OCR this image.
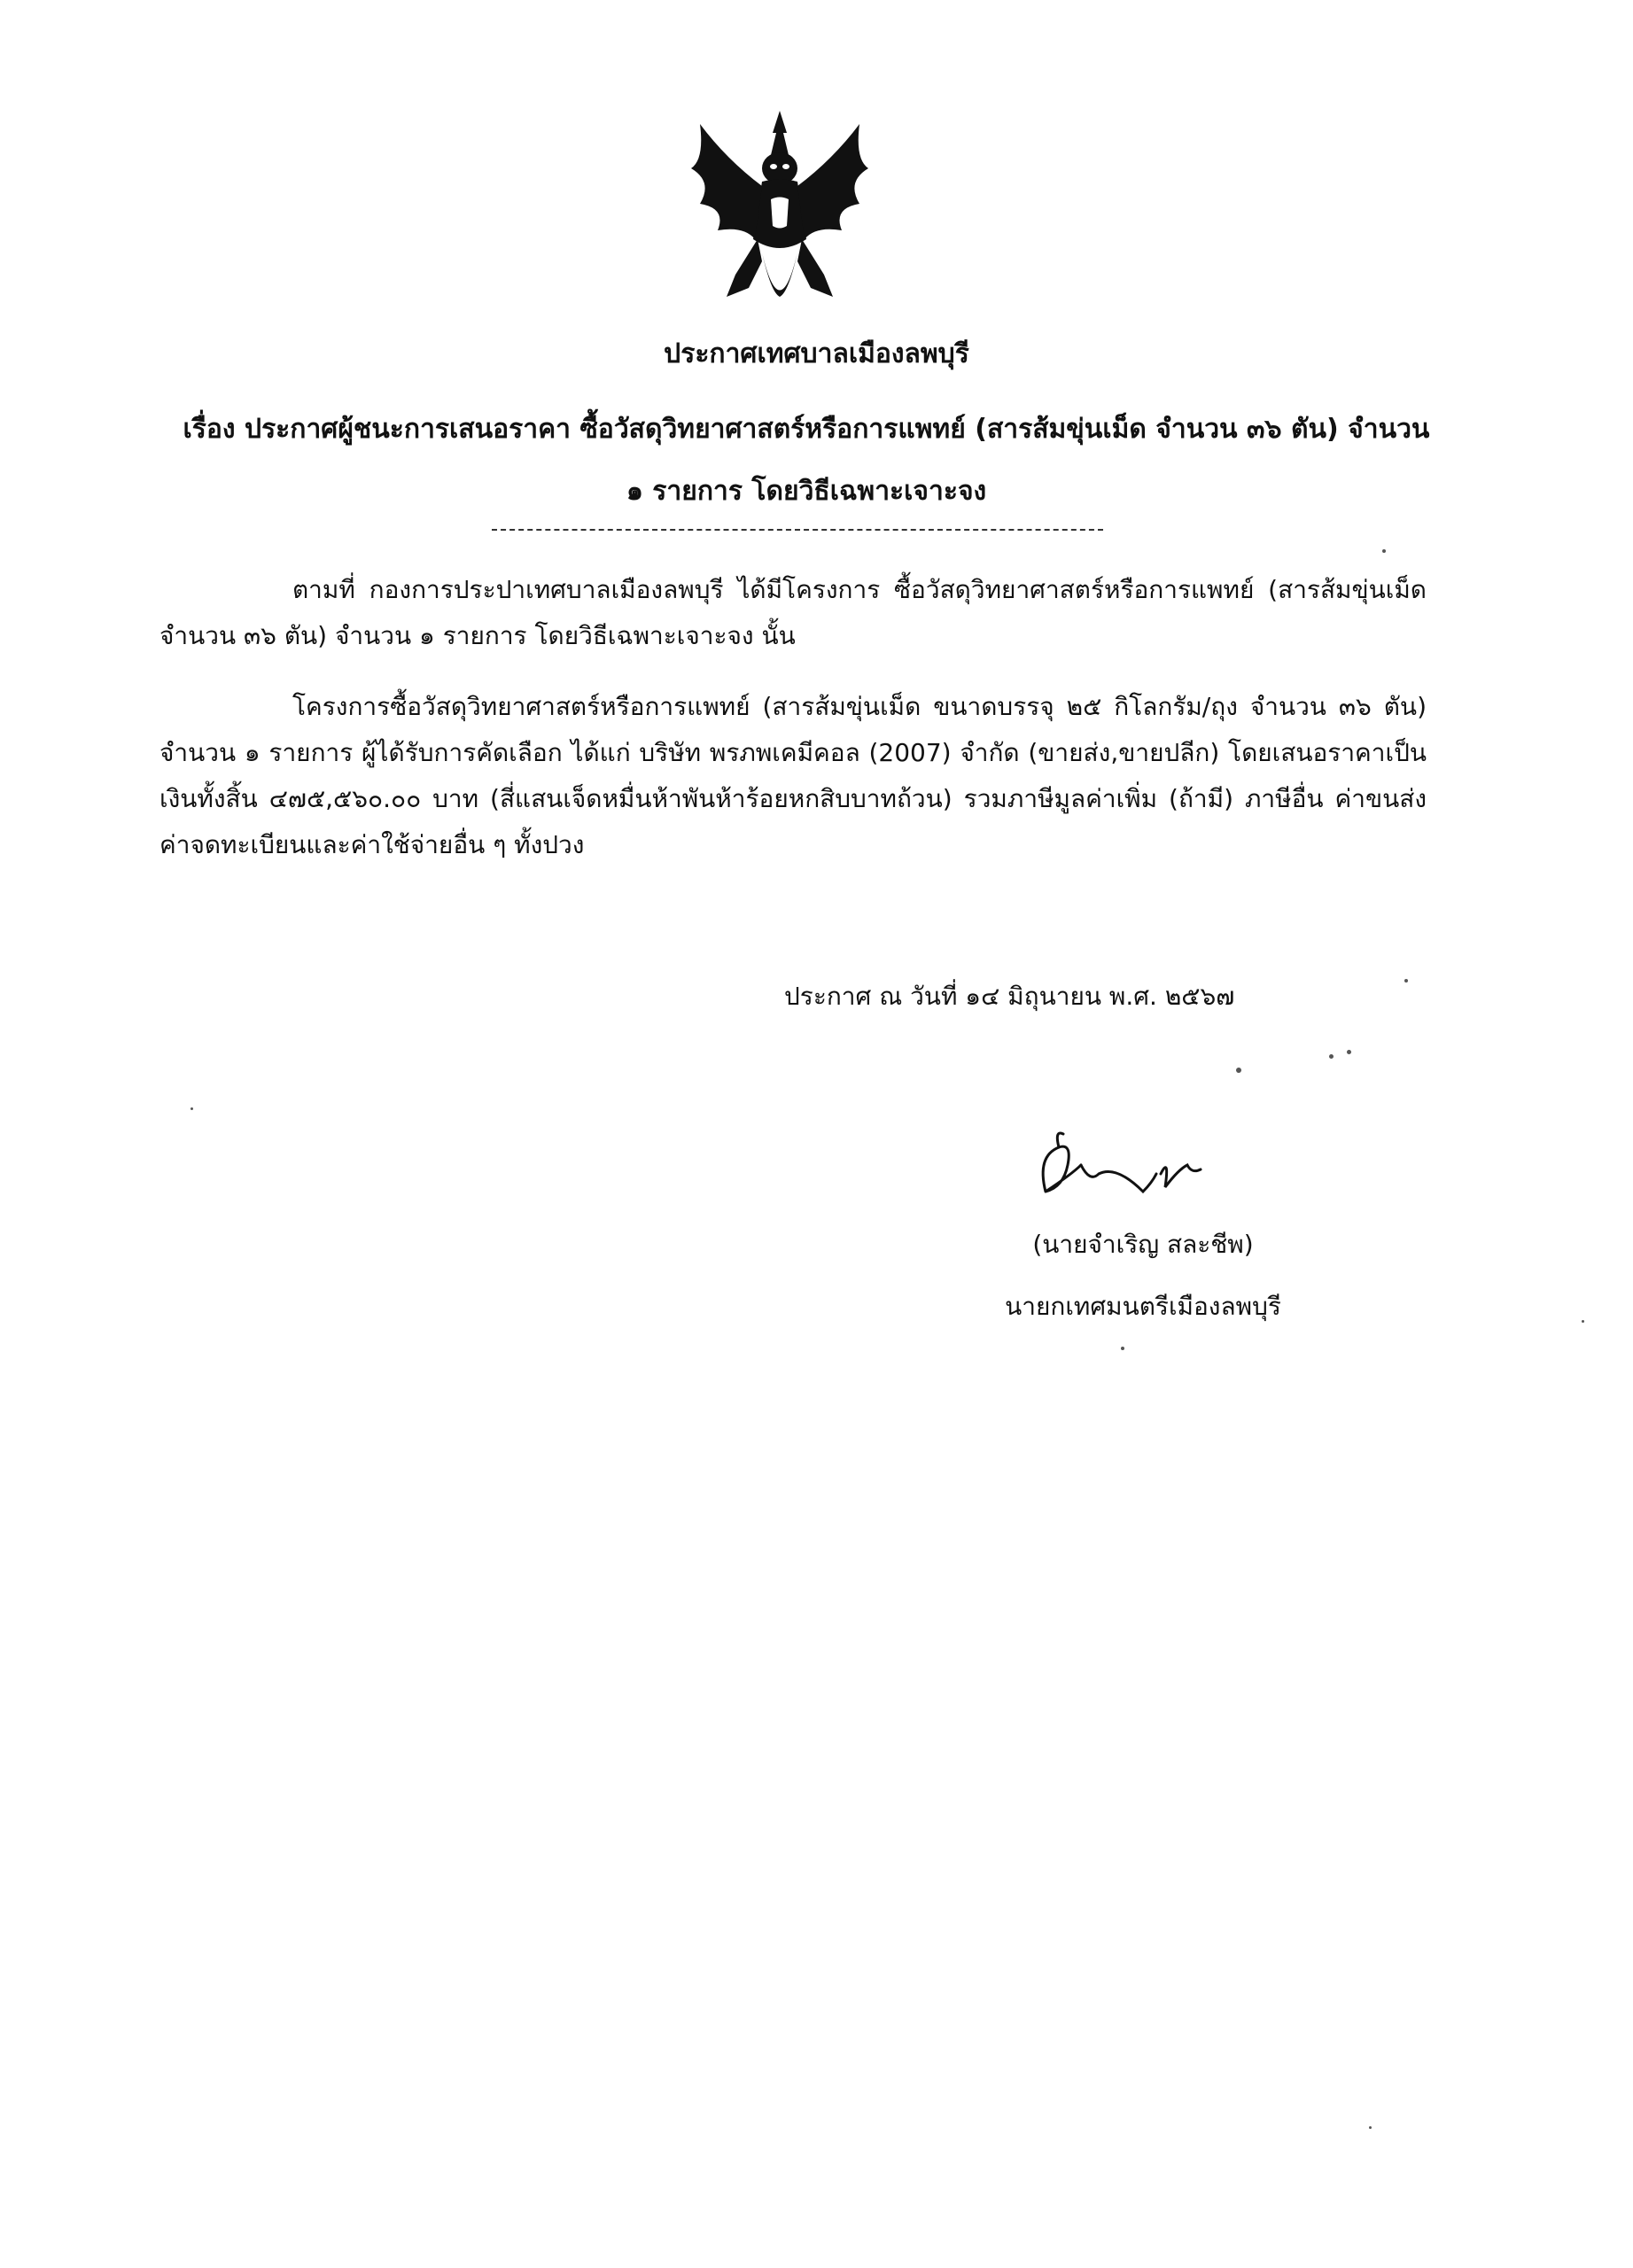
ประกาศเทศบาลเมืองลพบุรี
เรื่อง ประกาศผู้ชนะการเสนอราคา ซื้อวัสดุวิทยาศาสตร์หรือการแพทย์ (สารส้มขุ่นเม็ด จำนวน ๓๖ ตัน) จำนวน
๑ รายการ โดยวิธีเฉพาะเจาะจง
ตามที่ กองการประปาเทศบาลเมืองลพบุรี ได้มีโครงการ ซื้อวัสดุวิทยาศาสตร์หรือการแพทย์ (สารส้มขุ่นเม็ด จำนวน ๓๖ ตัน) จำนวน ๑ รายการ โดยวิธีเฉพาะเจาะจง นั้น
โครงการซื้อวัสดุวิทยาศาสตร์หรือการแพทย์ (สารส้มขุ่นเม็ด ขนาดบรรจุ ๒๕ กิโลกรัม/ถุง จำนวน ๓๖ ตัน) จำนวน ๑ รายการ ผู้ได้รับการคัดเลือก ได้แก่ บริษัท พรภพเคมีคอล (2007) จำกัด (ขายส่ง,ขายปลีก) โดยเสนอราคาเป็นเงินทั้งสิ้น ๔๗๕,๕๖๐.๐๐ บาท (สี่แสนเจ็ดหมื่นห้าพันห้าร้อยหกสิบบาทถ้วน) รวมภาษีมูลค่าเพิ่ม (ถ้ามี) ภาษีอื่น ค่าขนส่ง ค่าจดทะเบียนและค่าใช้จ่ายอื่น ๆ ทั้งปวง
ประกาศ ณ วันที่ ๑๔ มิถุนายน พ.ศ. ๒๕๖๗
(นายจำเริญ สละชีพ)
นายกเทศมนตรีเมืองลพบุรี
